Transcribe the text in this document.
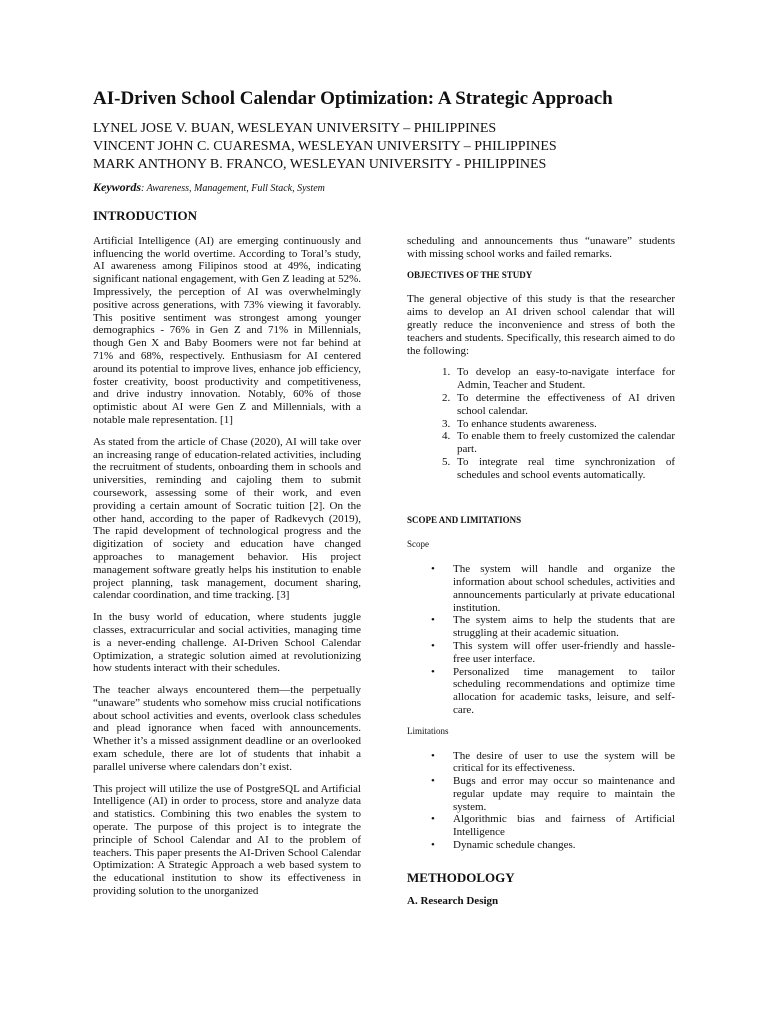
AI-Driven School Calendar Optimization: A Strategic Approach
LYNEL JOSE V. BUAN, WESLEYAN UNIVERSITY – PHILIPPINES
VINCENT JOHN C. CUARESMA, WESLEYAN UNIVERSITY – PHILIPPINES
MARK ANTHONY B. FRANCO, WESLEYAN UNIVERSITY - PHILIPPINES
Keywords: Awareness, Management, Full Stack, System
INTRODUCTION

Artificial Intelligence (AI) are emerging continuously and influencing the world overtime. According to Toral’s study, AI awareness among Filipinos stood at 49%, indicating significant national engagement, with Gen Z leading at 52%. Impressively, the perception of AI was overwhelmingly positive across generations, with 73% viewing it favorably. This positive sentiment was strongest among younger demographics - 76% in Gen Z and 71% in Millennials, though Gen X and Baby Boomers were not far behind at 71% and 68%, respectively. Enthusiasm for AI centered around its potential to improve lives, enhance job efficiency, foster creativity, boost productivity and competitiveness, and drive industry innovation. Notably, 60% of those optimistic about AI were Gen Z and Millennials, with a notable male representation. [1]

As stated from the article of Chase (2020), AI will take over an increasing range of education-related activities, including the recruitment of students, onboarding them in schools and universities, reminding and cajoling them to submit coursework, assessing some of their work, and even providing a certain amount of Socratic tuition [2]. On the other hand, according to the paper of Radkevych (2019), The rapid development of technological progress and the digitization of society and education have changed approaches to management behavior. His project management software greatly helps his institution to enable project planning, task management, document sharing, calendar coordination, and time tracking. [3]

In the busy world of education, where students juggle classes, extracurricular and social activities, managing time is a never-ending challenge. AI-Driven School Calendar Optimization, a strategic solution aimed at revolutionizing how students interact with their schedules.

The teacher always encountered them—the perpetually “unaware” students who somehow miss crucial notifications about school activities and events, overlook class schedules and plead ignorance when faced with announcements. Whether it’s a missed assignment deadline or an overlooked exam schedule, there are lot of students that inhabit a parallel universe where calendars don’t exist.

This project will utilize the use of PostgreSQL and Artificial Intelligence (AI) in order to process, store and analyze data and statistics. Combining this two enables the system to operate. The purpose of this project is to integrate the principle of School Calendar and AI to the problem of teachers. This paper presents the AI-Driven School Calendar Optimization: A Strategic Approach a web based system to the educational institution to show its effectiveness in providing solution to the unorganized

scheduling and announcements thus “unaware” students with missing school works and failed remarks.

OBJECTIVES OF THE STUDY

The general objective of this study is that the researcher aims to develop an AI driven school calendar that will greatly reduce the inconvenience and stress of both the teachers and students. Specifically, this research aimed to do the following:

1. To develop an easy-to-navigate interface for Admin, Teacher and Student.
2. To determine the effectiveness of AI driven school calendar.
3. To enhance students awareness.
4. To enable them to freely customized the calendar part.
5. To integrate real time synchronization of schedules and school events automatically.
SCOPE AND LIMITATIONS
Scope
• The system will handle and organize the information about school schedules, activities and announcements particularly at private educational institution.
• The system aims to help the students that are struggling at their academic situation.
• This system will offer user-friendly and hassle-free user interface.
• Personalized time management to tailor scheduling recommendations and optimize time allocation for academic tasks, leisure, and self-care.
Limitations
• The desire of user to use the system will be critical for its effectiveness.
• Bugs and error may occur so maintenance and regular update may require to maintain the system.
• Algorithmic bias and fairness of Artificial Intelligence
• Dynamic schedule changes.
METHODOLOGY
A. Research Design
